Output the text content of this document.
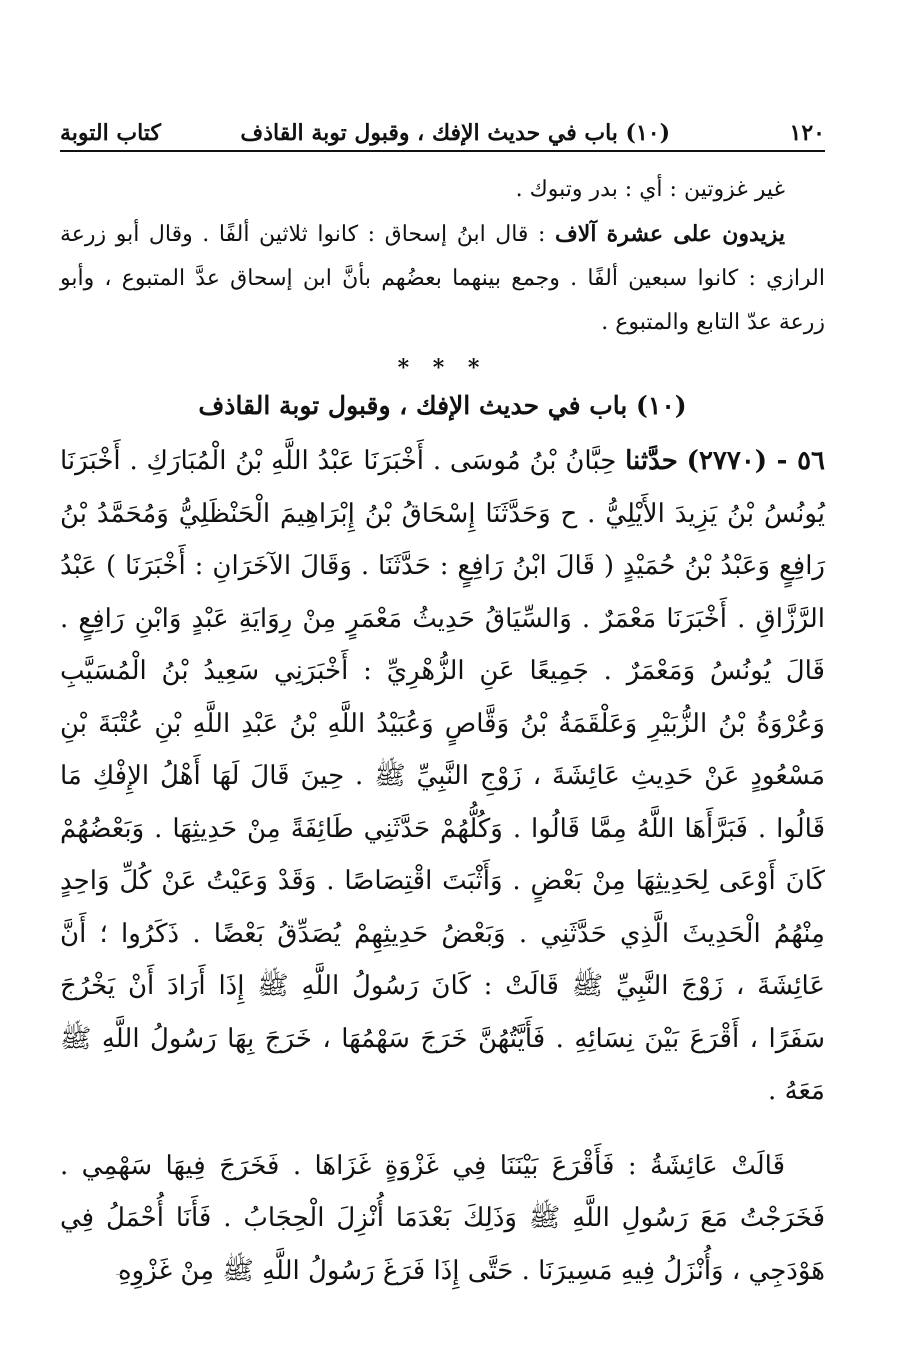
١٢٠
(١٠) باب في حديث الإفك ، وقبول توبة القاذف
كتاب التوبة

غير غزوتين : أي : بدر وتبوك .

يزيدون على عشرة آلاف : قال ابنُ إسحاق : كانوا ثلاثين ألفًا . وقال أبو زرعة الرازي : كانوا سبعين ألفًا . وجمع بينهما بعضُهم بأنَّ ابن إسحاق عدَّ المتبوع ، وأبو زرعة عدّ التابع والمتبوع .

* * *
(١٠) باب في حديث الإفك ، وقبول توبة القاذف

٥٦ - (٢٧٧٠) حدَّثنا حِبَّانُ بْنُ مُوسَى . أَخْبَرَنَا عَبْدُ اللَّهِ بْنُ الْمُبَارَكِ . أَخْبَرَنَا يُونُسُ بْنُ يَزِيدَ الأَيْلِيُّ . ح وَحَدَّثَنَا إِسْحَاقُ بْنُ إِبْرَاهِيمَ الْحَنْظَلِيُّ وَمُحَمَّدُ بْنُ رَافِعٍ وَعَبْدُ بْنُ حُمَيْدٍ ( قَالَ ابْنُ رَافِعٍ : حَدَّثَنَا . وَقَالَ الآخَرَانِ : أَخْبَرَنَا ) عَبْدُ الرَّزَّاقِ . أَخْبَرَنَا مَعْمَرٌ . وَالسِّيَاقُ حَدِيثُ مَعْمَرٍ مِنْ رِوَايَةِ عَبْدٍ وَابْنِ رَافِعٍ . قَالَ يُونُسُ وَمَعْمَرٌ . جَمِيعًا عَنِ الزُّهْرِيِّ : أَخْبَرَنِي سَعِيدُ بْنُ الْمُسَيَّبِ وَعُرْوَةُ بْنُ الزُّبَيْرِ وَعَلْقَمَةُ بْنُ وَقَّاصٍ وَعُبَيْدُ اللَّهِ بْنُ عَبْدِ اللَّهِ بْنِ عُتْبَةَ بْنِ مَسْعُودٍ عَنْ حَدِيثِ عَائِشَةَ ، زَوْجِ النَّبِيِّ ﷺ . حِينَ قَالَ لَهَا أَهْلُ الإِفْكِ مَا قَالُوا . فَبَرَّأَهَا اللَّهُ مِمَّا قَالُوا . وَكُلُّهُمْ حَدَّثَنِي طَائِفَةً مِنْ حَدِيثِهَا . وَبَعْضُهُمْ كَانَ أَوْعَى لِحَدِيثِهَا مِنْ بَعْضٍ . وَأَثْبَتَ اقْتِصَاصًا . وَقَدْ وَعَيْتُ عَنْ كُلِّ وَاحِدٍ مِنْهُمُ الْحَدِيثَ الَّذِي حَدَّثَنِي . وَبَعْضُ حَدِيثِهِمْ يُصَدِّقُ بَعْضًا . ذَكَرُوا ؛ أَنَّ عَائِشَةَ ، زَوْجَ النَّبِيِّ ﷺ قَالَتْ : كَانَ رَسُولُ اللَّهِ ﷺ إِذَا أَرَادَ أَنْ يَخْرُجَ سَفَرًا ، أَقْرَعَ بَيْنَ نِسَائِهِ . فَأَيَّتُهُنَّ خَرَجَ سَهْمُهَا ، خَرَجَ بِهَا رَسُولُ اللَّهِ ﷺ مَعَهُ .

قَالَتْ عَائِشَةُ : فَأَقْرَعَ بَيْنَنَا فِي غَزْوَةٍ غَزَاهَا . فَخَرَجَ فِيهَا سَهْمِي . فَخَرَجْتُ مَعَ رَسُولِ اللَّهِ ﷺ وَذَلِكَ بَعْدَمَا أُنْزِلَ الْحِجَابُ . فَأَنَا أُحْمَلُ فِي هَوْدَجِي ، وَأُنْزَلُ فِيهِ مَسِيرَنَا . حَتَّى إِذَا فَرَغَ رَسُولُ اللَّهِ ﷺ مِنْ غَزْوِهِ
